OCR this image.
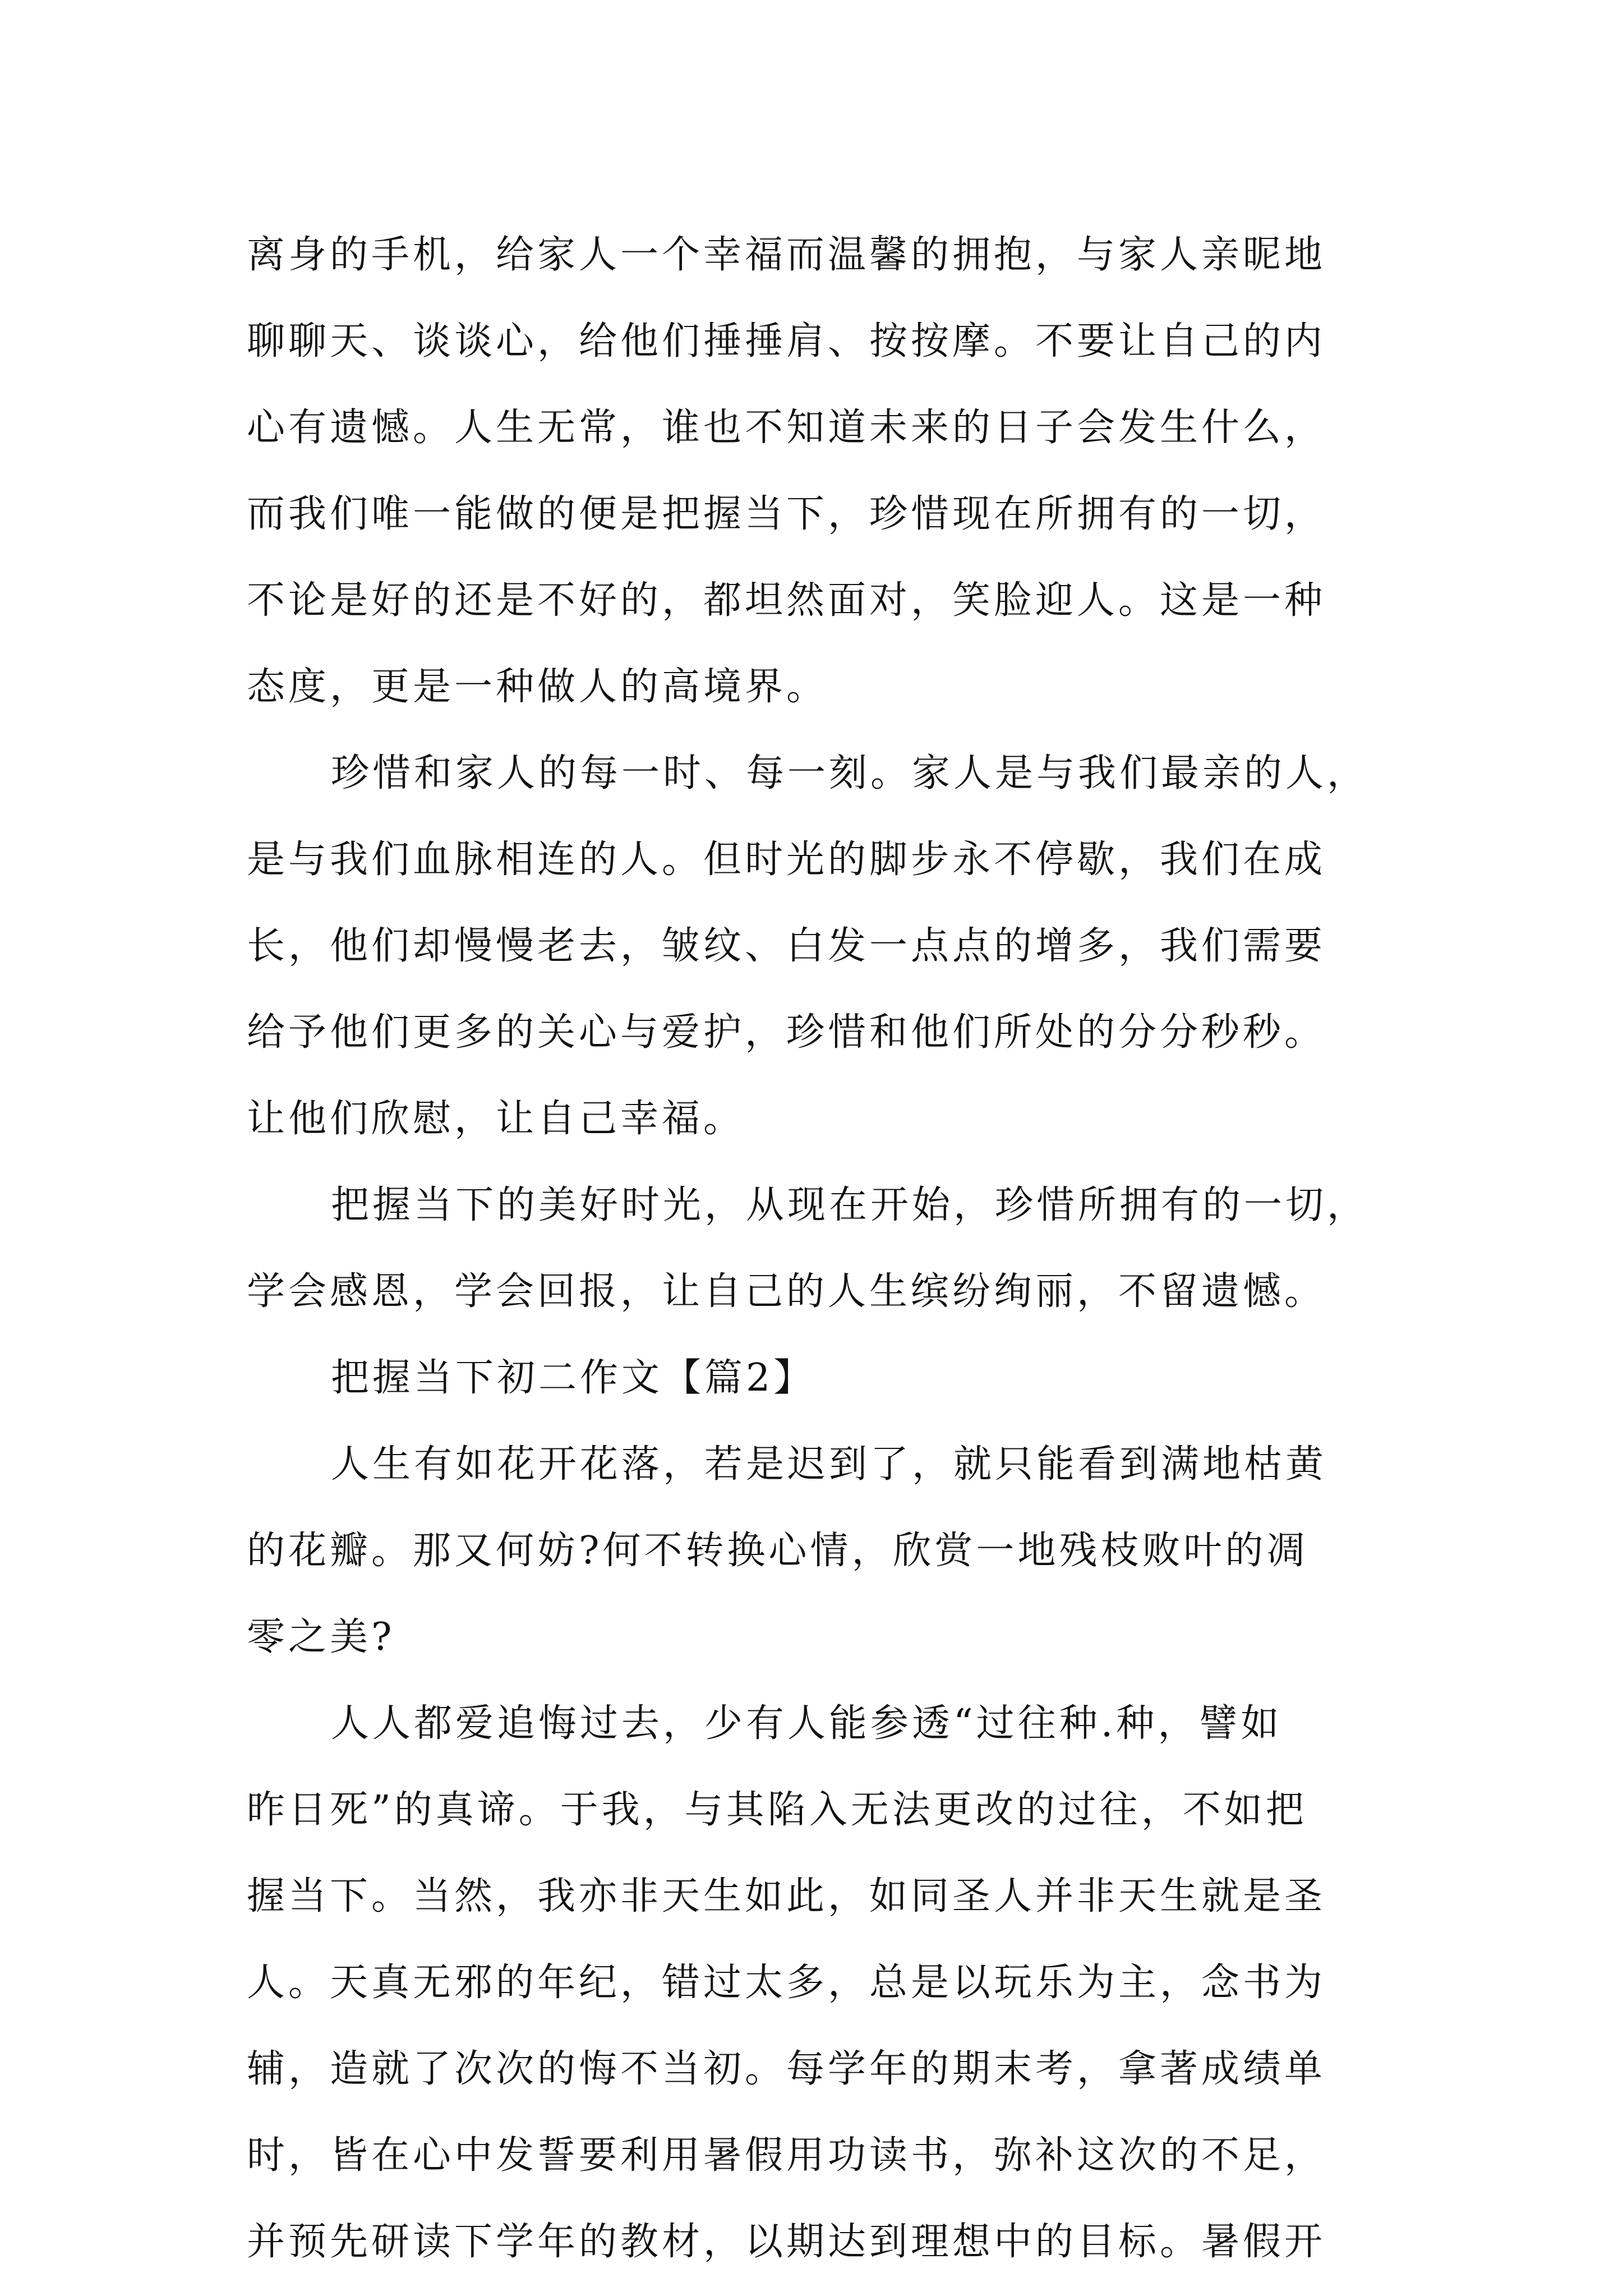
离身的手机，给家人一个幸福而温馨的拥抱，与家人亲昵地
聊聊天、谈谈心，给他们捶捶肩、按按摩。不要让自己的内
心有遗憾。人生无常，谁也不知道未来的日子会发生什么，
而我们唯一能做的便是把握当下，珍惜现在所拥有的一切，
不论是好的还是不好的，都坦然面对，笑脸迎人。这是一种
态度，更是一种做人的高境界。
珍惜和家人的每一时、每一刻。家人是与我们最亲的人，
是与我们血脉相连的人。但时光的脚步永不停歇，我们在成
长，他们却慢慢老去，皱纹、白发一点点的增多，我们需要
给予他们更多的关心与爱护，珍惜和他们所处的分分秒秒。
让他们欣慰，让自己幸福。
把握当下的美好时光，从现在开始，珍惜所拥有的一切，
学会感恩，学会回报，让自己的人生缤纷绚丽，不留遗憾。
把握当下初二作文【篇2】
人生有如花开花落，若是迟到了，就只能看到满地枯黄
的花瓣。那又何妨?何不转换心情，欣赏一地残枝败叶的凋
零之美?
人人都爱追悔过去，少有人能参透“过往种.种，譬如
昨日死”的真谛。于我，与其陷入无法更改的过往，不如把
握当下。当然，我亦非天生如此，如同圣人并非天生就是圣
人。天真无邪的年纪，错过太多，总是以玩乐为主，念书为
辅，造就了次次的悔不当初。每学年的期末考，拿著成绩单
时，皆在心中发誓要利用暑假用功读书，弥补这次的不足，
并预先研读下学年的教材，以期达到理想中的目标。暑假开
